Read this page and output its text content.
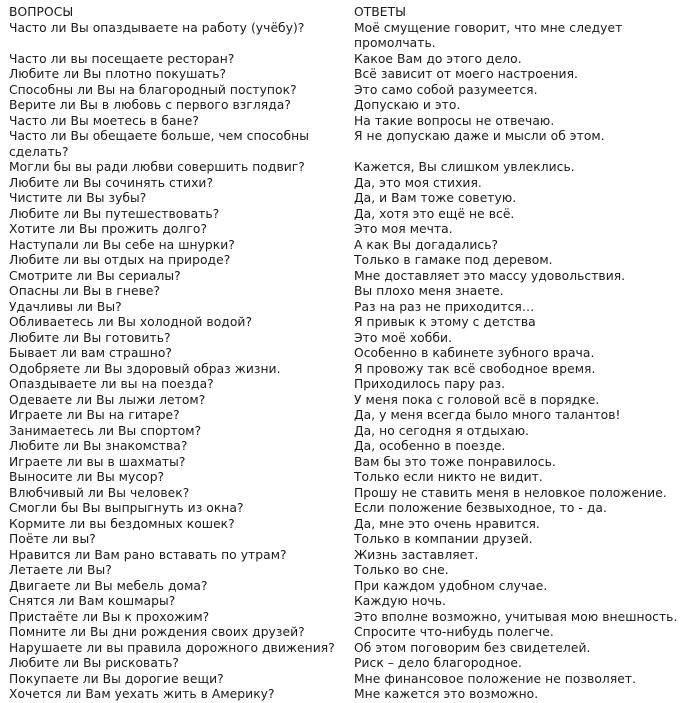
ВОПРОСЫ
Часто ли Вы опаздываете на работу (учёбу)?
Часто ли вы посещаете ресторан?
Любите ли Вы плотно покушать?
Способны ли Вы на благородный поступок?
Верите ли Вы в любовь с первого взгляда?
Часто ли Вы моетесь в бане?
Часто ли Вы обещаете больше, чем способны
сделать?
Могли бы вы ради любви совершить подвиг?
Любите ли Вы сочинять стихи?
Чистите ли Вы зубы?
Любите ли Вы путешествовать?
Хотите ли Вы прожить долго?
Наступали ли Вы себе на шнурки?
Любите ли вы отдых на природе?
Смотрите ли Вы сериалы?
Опасны ли Вы в гневе?
Удачливы ли Вы?
Обливаетесь ли Вы холодной водой?
Любите ли Вы готовить?
Бывает ли вам страшно?
Одобряете ли Вы здоровый образ жизни.
Опаздываете ли вы на поезда?
Одеваете ли Вы лыжи летом?
Играете ли Вы на гитаре?
Занимаетесь ли Вы спортом?
Любите ли Вы знакомства?
Играете ли вы в шахматы?
Выносите ли Вы мусор?
Влюбчивый ли Вы человек?
Смогли бы Вы выпрыгнуть из окна?
Кормите ли вы бездомных кошек?
Поёте ли вы?
Нравится ли Вам рано вставать по утрам?
Летаете ли Вы?
Двигаете ли Вы мебель дома?
Снятся ли Вам кошмары?
Пристаёте ли Вы к прохожим?
Помните ли Вы дни рождения своих друзей?
Нарушаете ли вы правила дорожного движения?
Любите ли Вы рисковать?
Покупаете ли Вы дорогие вещи?
Хочется ли Вам уехать жить в Америку?
ОТВЕТЫ
Моё смущение говорит, что мне следует
промолчать.
Какое Вам до этого дело.
Всё зависит от моего настроения.
Это само собой разумеется.
Допускаю и это.
На такие вопросы не отвечаю.
Я не допускаю даже и мысли об этом.
Кажется, Вы слишком увлеклись.
Да, это моя стихия.
Да, и Вам тоже советую.
Да, хотя это ещё не всё.
Это моя мечта.
А как Вы догадались?
Только в гамаке под деревом.
Мне доставляет это массу удовольствия.
Вы плохо меня знаете.
Раз на раз не приходится…
Я привык к этому с детства
Это моё хобби.
Особенно в кабинете зубного врача.
Я провожу так всё свободное время.
Приходилось пару раз.
У меня пока с головой всё в порядке.
Да, у меня всегда было много талантов!
Да, но сегодня я отдыхаю.
Да, особенно в поезде.
Вам бы это тоже понравилось.
Только если никто не видит.
Прошу не ставить меня в неловкое положение.
Если положение безвыходное, то - да.
Да, мне это очень нравится.
Только в компании друзей.
Жизнь заставляет.
Только во сне.
При каждом удобном случае.
Каждую ночь.
Это вполне возможно, учитывая мою внешность.
Спросите что-нибудь полегче.
Об этом поговорим без свидетелей.
Риск – дело благородное.
Мне финансовое положение не позволяет.
Мне кажется это возможно.
